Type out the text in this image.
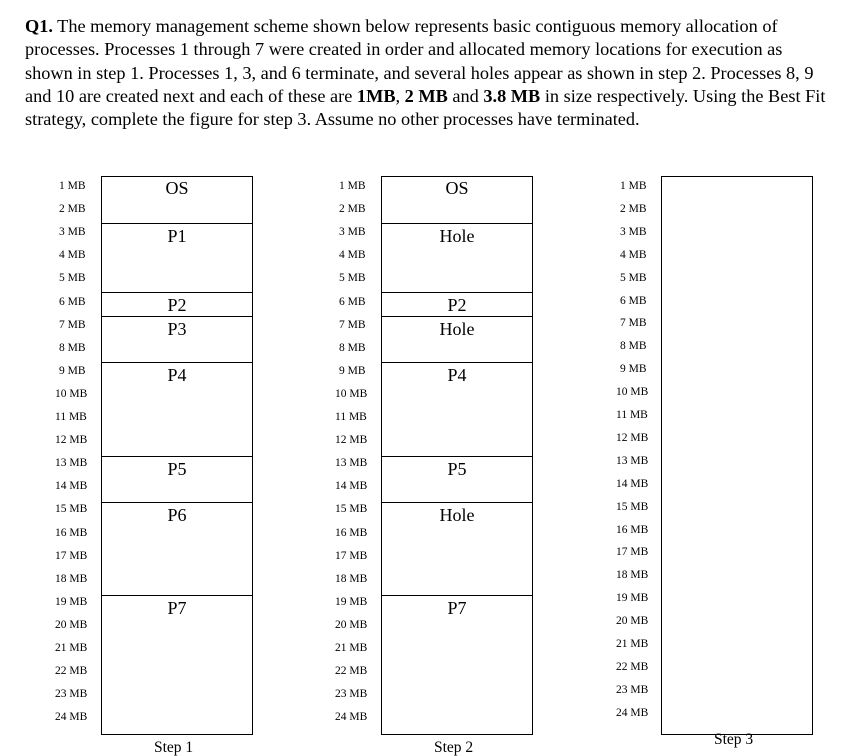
Q1. The memory management scheme shown below represents basic contiguous memory allocation of processes. Processes 1 through 7 were created in order and allocated memory locations for execution as shown in step 1. Processes 1, 3, and 6 terminate, and several holes appear as shown in step 2. Processes 8, 9 and 10 are created next and each of these are 1MB, 2 MB and 3.8 MB in size respectively. Using the Best Fit strategy, complete the figure for step 3. Assume no other processes have terminated.

1 MB
2 MB
3 MB
4 MB
5 MB
6 MB
7 MB
8 MB
9 MB
10 MB
11 MB
12 MB
13 MB
14 MB
15 MB
16 MB
17 MB
18 MB
19 MB
20 MB
21 MB
22 MB
23 MB
24 MB
OS
P1
P2
P3
P4
P5
P6
P7
Step 1
1 MB
2 MB
3 MB
4 MB
5 MB
6 MB
7 MB
8 MB
9 MB
10 MB
11 MB
12 MB
13 MB
14 MB
15 MB
16 MB
17 MB
18 MB
19 MB
20 MB
21 MB
22 MB
23 MB
24 MB
OS
Hole
P2
Hole
P4
P5
Hole
P7
Step 2
1 MB
2 MB
3 MB
4 MB
5 MB
6 MB
7 MB
8 MB
9 MB
10 MB
11 MB
12 MB
13 MB
14 MB
15 MB
16 MB
17 MB
18 MB
19 MB
20 MB
21 MB
22 MB
23 MB
24 MB
Step 3
